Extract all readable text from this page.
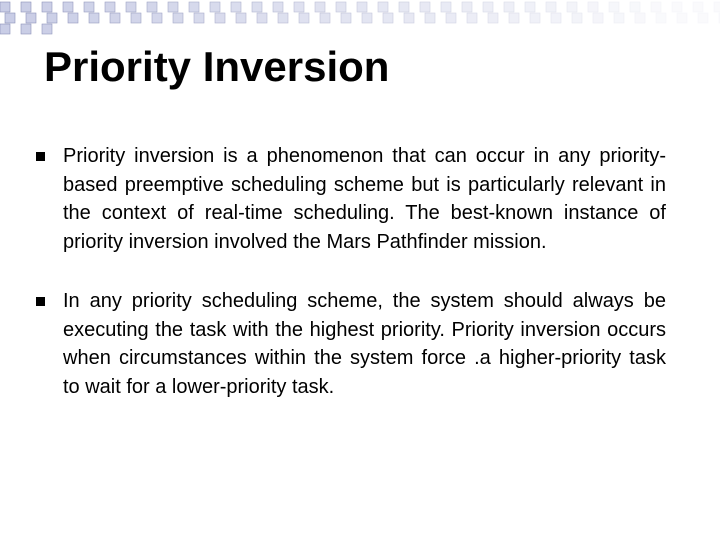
Priority Inversion
Priority inversion is a phenomenon that can occur in any priority-based preemptive scheduling scheme but is particularly relevant in the context of real-time scheduling. The best-known instance of priority inversion involved the Mars Pathfinder mission.
In any priority scheduling scheme, the system should always be executing the task with the highest priority. Priority inversion occurs when circumstances within the system force .a higher-priority task to wait for a lower-priority task.
